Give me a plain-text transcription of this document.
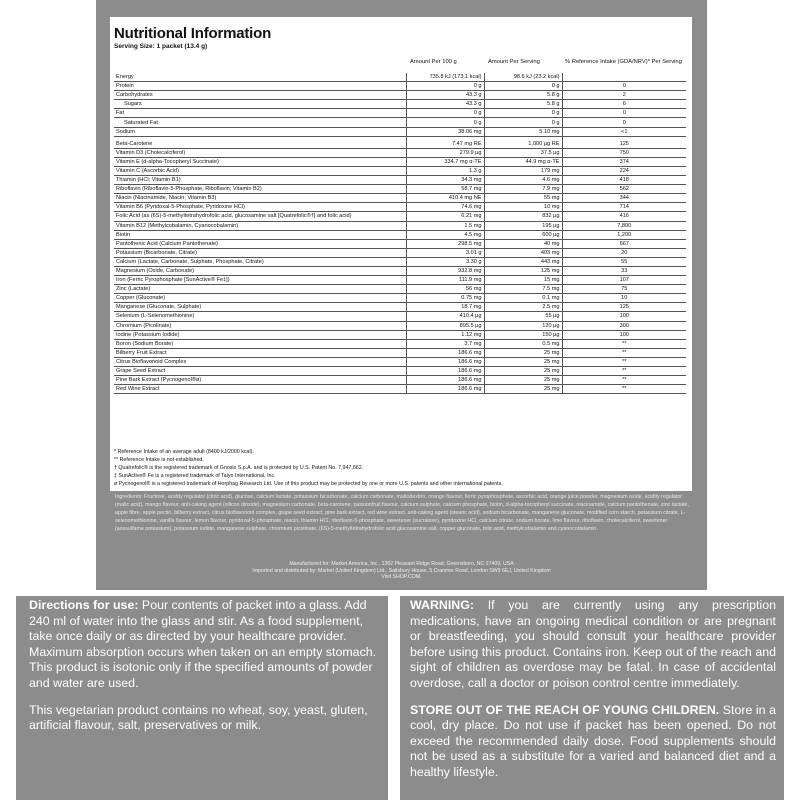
Nutritional Information
Serving Size: 1 packet (13.4 g)
Amount Per 100 g	Amount Per Serving	% Reference Intake (GDA/NRV)* Per Serving
Energy	735.8 kJ (173.1 kcal)	98.6 kJ (23.2 kcal)	
Protein	0 g	0 g	0
Carbohydrates	43.3 g	5.8 g	2
Sugars	43.3 g	5.8 g	6
Fat	0 g	0 g	0
Saturated Fat	0 g	0 g	0
Sodium	38.06 mg	5.10 mg	<1

Beta-Carotene	7.47 mg RE	1,000 µg RE	125
Vitamin D3 (Cholecalciferol)	279.9 µg	37.5 µg	750
Vitamin E (d-alpha-Tocopheryl Succinate)	334.7 mg α-TE	44.9 mg α-TE	374
Vitamin C (Ascorbic Acid)	1.3 g	179 mg	224
Thiamin (HCl; Vitamin B1)	34.3 mg	4.6 mg	418
Riboflavin (Riboflavin-5-Phosphate, Riboflavin; Vitamin B2)	58.7 mg	7.9 mg	562
Niacin (Niacinamide, Niacin; Vitamin B3)	410.4 mg NE	55 mg	344
Vitamin B6 (Pyridoxal-5-Phosphate, Pyridoxine HCl)	74.6 mg	10 mg	714
Folic Acid (as (6S)-5-methyltetrahydrofolic acid, glucosamine salt [Quatrefolic®†] and folic acid)	6.21 mg	832 µg	416
Vitamin B12 (Methylcobalamin, Cyanocobalamin)	1.5 mg	195 µg	7,800
Biotin	4.5 mg	600 µg	1,200
Pantothenic Acid (Calcium Pantothenate)	298.5 mg	40 mg	667
Potassium (Bicarbonate, Citrate)	3.01 g	403 mg	20
Calcium (Lactate, Carbonate, Sulphate, Phosphate, Citrate)	3.30 g	443 mg	55
Magnesium (Oxide, Carbonate)	932.8 mg	125 mg	33
Iron (Ferric Pyrophosphate [SunActive® Fe‡])	111.9 mg	15 mg	107
Zinc (Lactate)	56 mg	7.5 mg	75
Copper (Gluconate)	0.75 mg	0.1 mg	10
Manganese (Gluconate, Sulphate)	18.7 mg	2.5 mg	125
Selenium (L-Selenomethionine)	410.4 µg	55 µg	100
Chromium (Picolinate)	895.5 µg	120 µg	300
Iodine (Potassium Iodide)	1.12 mg	150 µg	100
Boron (Sodium Borate)	3.7 mg	0.5 mg	**
Bilberry Fruit Extract	186.6 mg	25 mg	**
Citrus Bioflavonoid Complex	186.6 mg	25 mg	**
Grape Seed Extract	186.6 mg	25 mg	**
Pine Bark Extract (Pycnogenol®ø)	186.6 mg	25 mg	**
Red Wine Extract	186.6 mg	25 mg	**
* Reference Intake of an average adult (8400 kJ/2000 kcal).
** Reference Intake is not established.
† Quatrefolic® is the registered trademark of Gnosis S.p.A. and is protected by U.S. Patent No. 7,947,662.
‡ SunActive® Fe is a registered trademark of Taiyo International, Inc.
ø Pycnogenol® is a registered trademark of Horphag Research Ltd. Use of this product may be protected by one or more U.S. patents and other international patents.
Ingredients: Fructose, acidity regulator (citric acid), glucose, calcium lactate, potassium bicarbonate, calcium carbonate, maltodextrin, orange flavour, ferric pyrophosphate, ascorbic acid, orange juice powder, magnesium oxide, acidity regulator (malic acid), mango flavour, anti-caking agent (silicon dioxide), magnesium carbonate, beta-carotene, passionfruit flavour, calcium sulphate, calcium phosphate, biotin, d-alpha-tocopheryl succinate, niacinamide, calcium pantothenate, zinc lactate, apple fibre, apple pectin, bilberry extract, citrus bioflavonoid complex, grape seed extract, pine bark extract, red wine extract, anti-caking agent (stearic acid), sodium bicarbonate, manganese gluconate, modified corn starch, potassium citrate, L-selenomethionine, vanilla flavour, lemon flavour, pyridoxal-5-phosphate, niacin, thiamin HCl, riboflavin-5-phosphate, sweetener (sucralose), pyridoxine HCl, calcium citrate, sodium borate, lime flavour, riboflavin, cholecalciferol, sweetener (acesulfame potassium), potassium iodide, manganese sulphate, chromium picolinate, (6S)-5-methyltetrahydrofolic acid glucosamine salt, copper gluconate, folic acid, methylcobalamin and cyanocobalamin.
Manufactured for: Market America, Inc., 1302 Pleasant Ridge Road, Greensboro, NC 27409, USA
Imported and distributed by: Market (United Kingdom) Ltd., Salisbury House, 5 Cranmer Road, London SW9 6EJ, United Kingdom
Visit SHOP.COM.

Directions for use: Pour contents of packet into a glass. Add 240 ml of water into the glass and stir. As a food supplement, take once daily or as directed by your healthcare provider. Maximum absorption occurs when taken on an empty stomach. This product is isotonic only if the specified amounts of powder and water are used.

This vegetarian product contains no wheat, soy, yeast, gluten, artificial flavour, salt, preservatives or milk.

WARNING: If you are currently using any prescription medications, have an ongoing medical condition or are pregnant or breastfeeding, you should consult your healthcare provider before using this product. Contains iron. Keep out of the reach and sight of children as overdose may be fatal. In case of accidental overdose, call a doctor or poison control centre immediately.

STORE OUT OF THE REACH OF YOUNG CHILDREN. Store in a cool, dry place. Do not use if packet has been opened. Do not exceed the recommended daily dose. Food supplements should not be used as a substitute for a varied and balanced diet and a healthy lifestyle.
